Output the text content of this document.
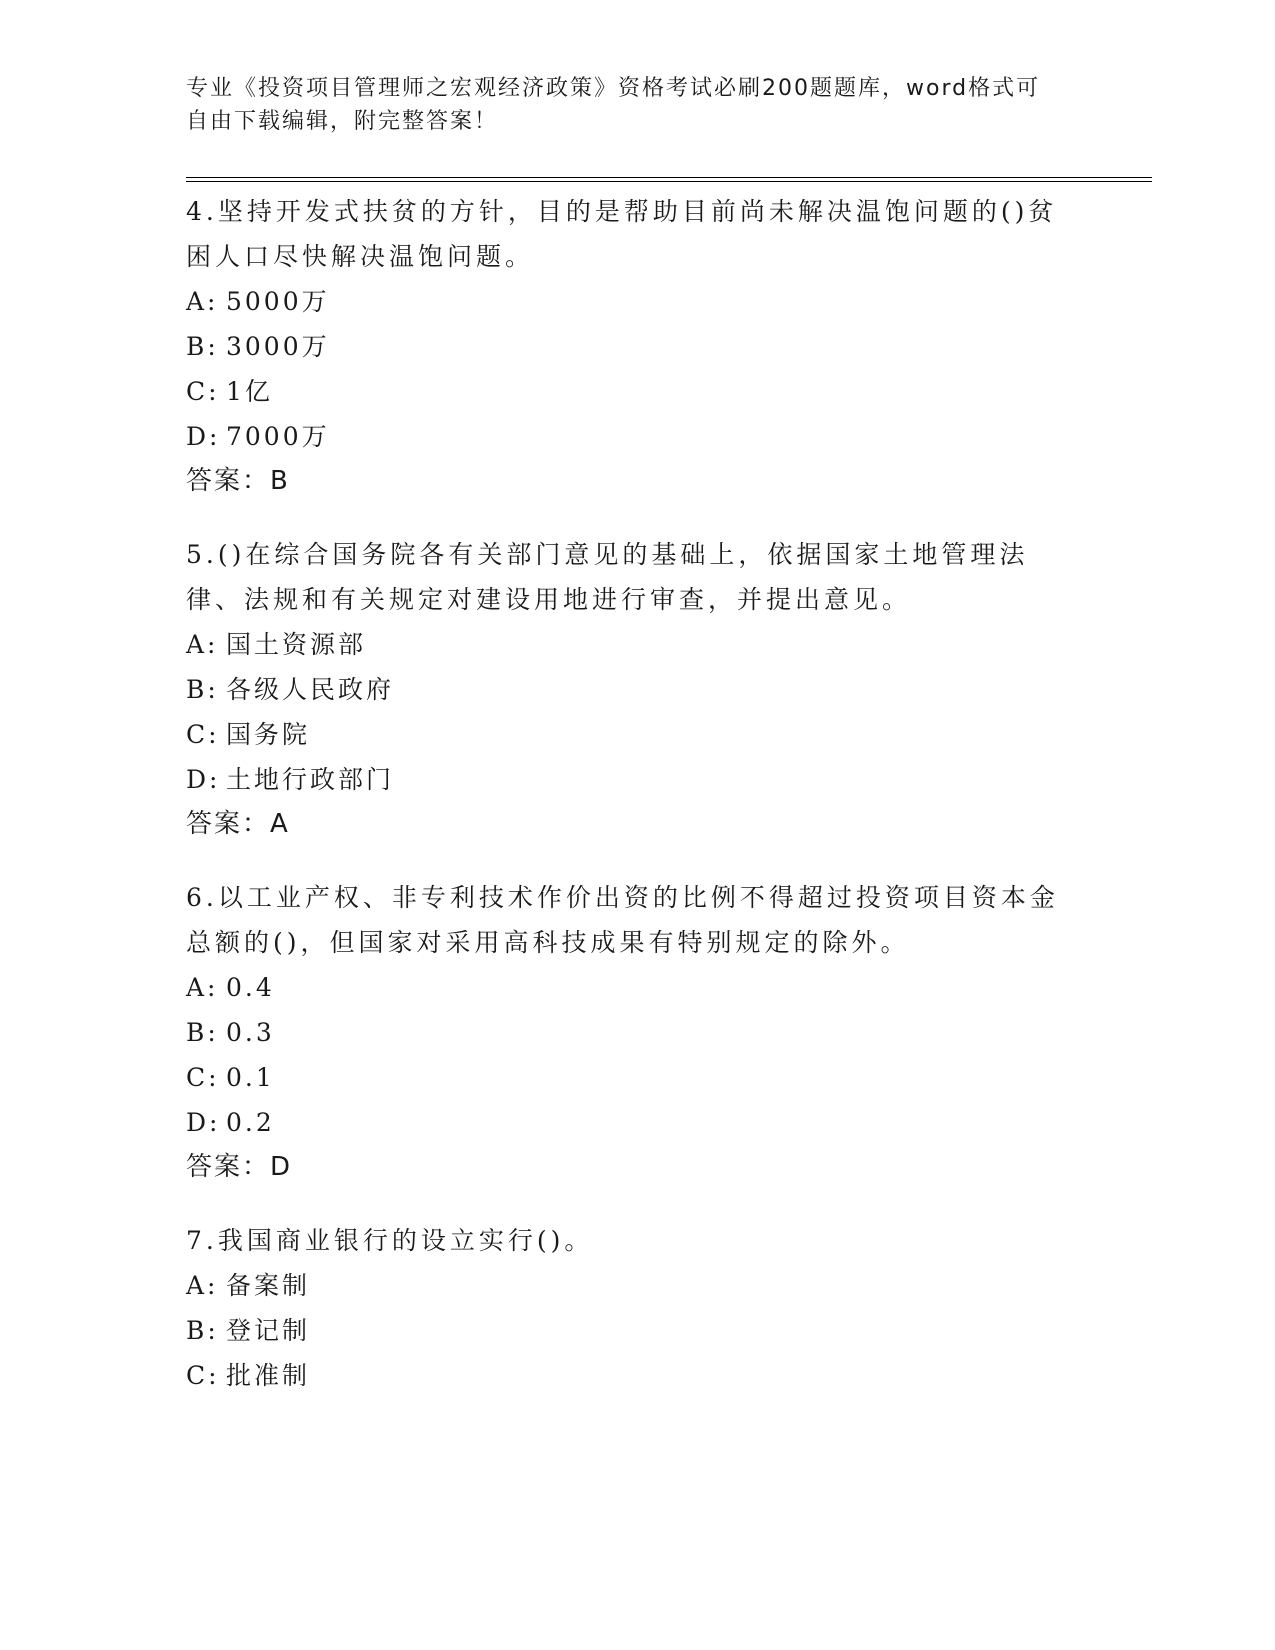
专业《投资项目管理师之宏观经济政策》资格考试必刷200题题库，word格式可
自由下载编辑，附完整答案！

4.坚持开发式扶贫的方针，目的是帮助目前尚未解决温饱问题的()贫困人口尽快解决温饱问题。

A: 5000万
B: 3000万
C: 1亿
D: 7000万
答案：B

5.()在综合国务院各有关部门意见的基础上，依据国家土地管理法律、法规和有关规定对建设用地进行审查，并提出意见。

A: 国土资源部
B: 各级人民政府
C: 国务院
D: 土地行政部门
答案：A

6.以工业产权、非专利技术作价出资的比例不得超过投资项目资本金总额的()，但国家对采用高科技成果有特别规定的除外。

A: 0.4
B: 0.3
C: 0.1
D: 0.2
答案：D

7.我国商业银行的设立实行()。

A: 备案制
B: 登记制
C: 批准制
